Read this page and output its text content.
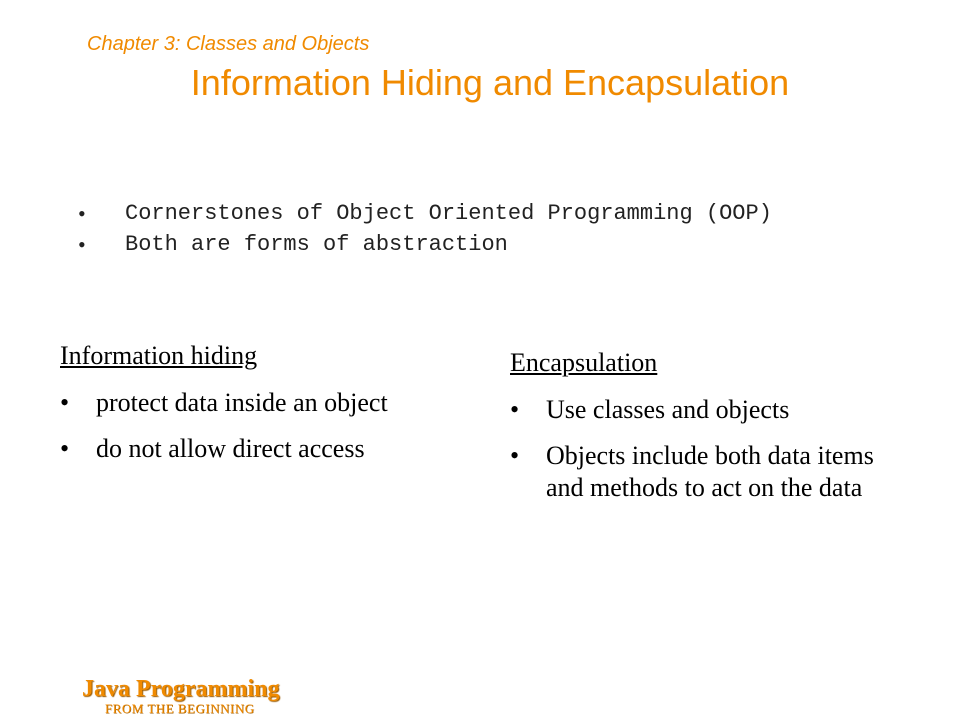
Chapter 3: Classes and Objects
Information Hiding and Encapsulation
• Cornerstones of Object Oriented Programming (OOP)
• Both are forms of abstraction
Information hiding
• protect data inside an object
• do not allow direct access
Encapsulation
• Use classes and objects
• Objects include both data items and methods to act on the data
Java Programming
FROM THE BEGINNING
